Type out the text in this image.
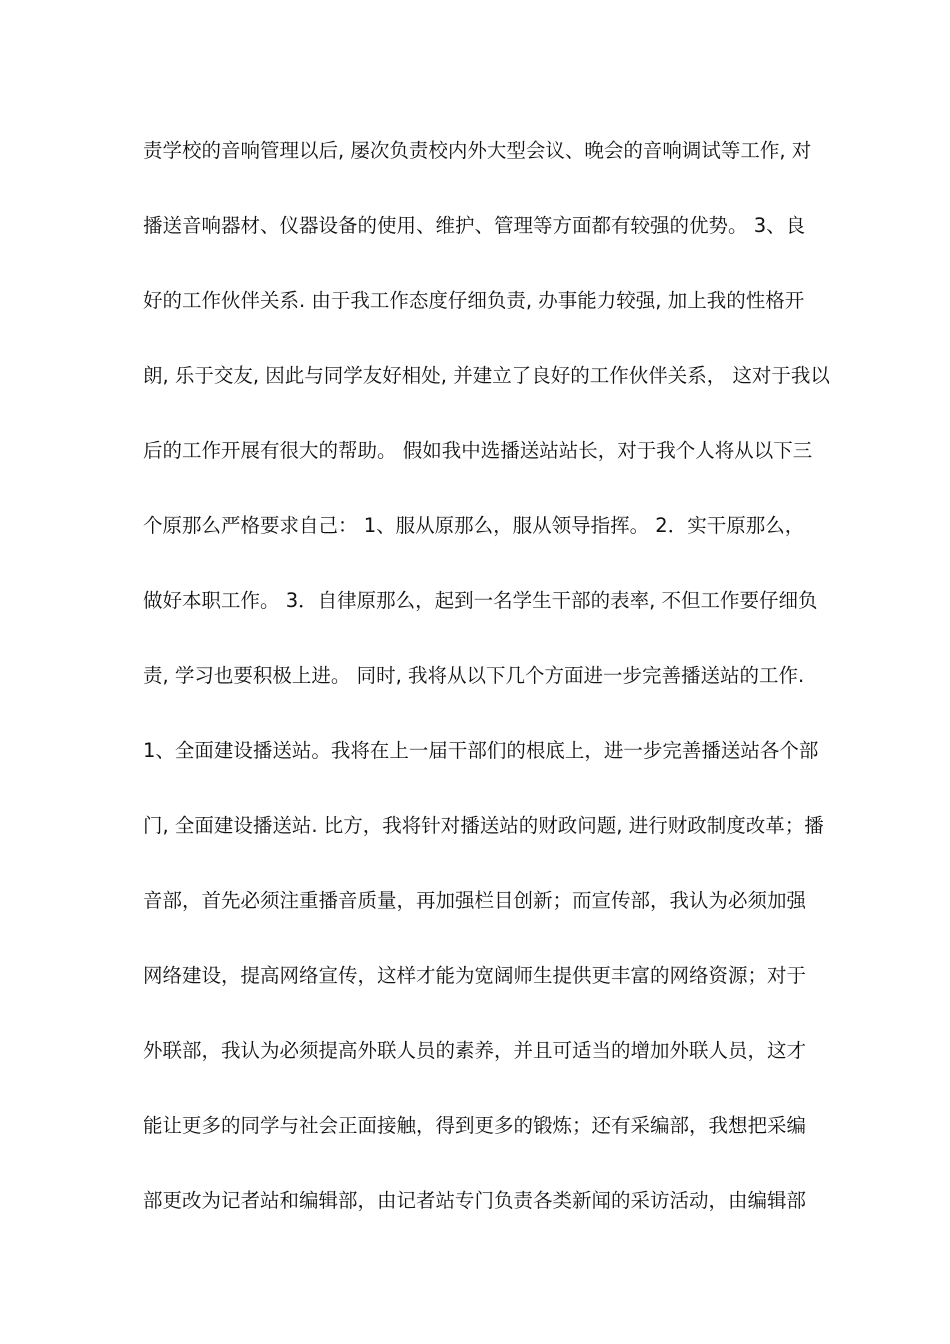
责学校的音响管理以后, 屡次负责校内外大型会议、晚会的音响调试等工作, 对
播送音响器材、仪器设备的使用、维护、管理等方面都有较强的优势。 3、良
好的工作伙伴关系. 由于我工作态度仔细负责, 办事能力较强, 加上我的性格开
朗, 乐于交友, 因此与同学友好相处, 并建立了良好的工作伙伴关系， 这对于我以
后的工作开展有很大的帮助。 假如我中选播送站站长，对于我个人将从以下三
个原那么严格要求自己： 1、服从原那么，服从领导指挥。 2．实干原那么，
做好本职工作。 3．自律原那么，起到一名学生干部的表率, 不但工作要仔细负
责, 学习也要积极上进。 同时, 我将从以下几个方面进一步完善播送站的工作.
1、全面建设播送站。我将在上一届干部们的根底上，进一步完善播送站各个部
门, 全面建设播送站. 比方，我将针对播送站的财政问题, 进行财政制度改革；播
音部，首先必须注重播音质量，再加强栏目创新；而宣传部，我认为必须加强
网络建设，提高网络宣传，这样才能为宽阔师生提供更丰富的网络资源；对于
外联部，我认为必须提高外联人员的素养，并且可适当的增加外联人员，这才
能让更多的同学与社会正面接触，得到更多的锻炼；还有采编部，我想把采编
部更改为记者站和编辑部，由记者站专门负责各类新闻的采访活动，由编辑部
